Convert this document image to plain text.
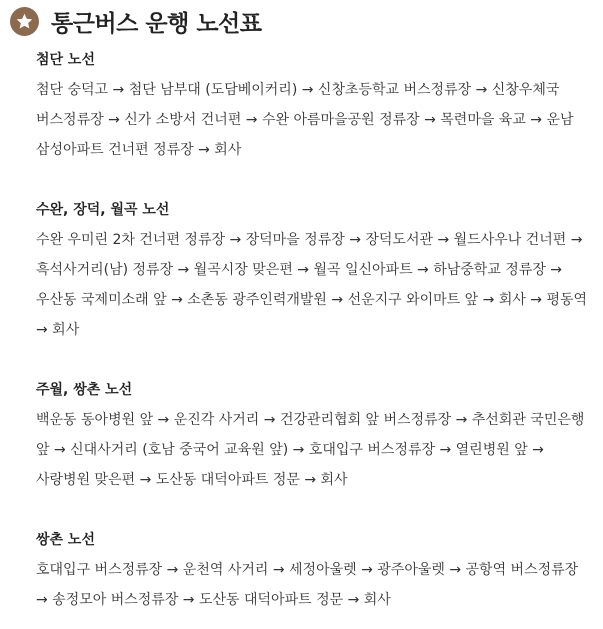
통근버스 운행 노선표
첨단 노선
첨단 숭덕고 → 첨단 남부대 (도담베이커리) → 신창초등학교 버스정류장 → 신창우체국 버스정류장 → 신가 소방서 건너편 → 수완 아름마을공원 정류장 → 목련마을 육교 → 운남 삼성아파트 건너편 정류장 → 회사
수완, 장덕, 월곡 노선
수완 우미린 2차 건너편 정류장 → 장덕마을 정류장 → 장덕도서관 → 월드사우나 건너편 → 흑석사거리(남) 정류장 → 월곡시장 맞은편 → 월곡 일신아파트 → 하남중학교 정류장 → 우산동 국제미소래 앞 → 소촌동 광주인력개발원 → 선운지구 와이마트 앞 → 회사 → 평동역 → 회사
주월, 쌍촌 노선
백운동 동아병원 앞 → 운진각 사거리 → 건강관리협회 앞 버스정류장 → 추선회관 국민은행 앞 → 신대사거리 (호남 중국어 교육원 앞) → 호대입구 버스정류장 → 열린병원 앞 → 사랑병원 맞은편 → 도산동 대덕아파트 정문 → 회사
쌍촌 노선
호대입구 버스정류장 → 운천역 사거리 → 세정아울렛 → 광주아울렛 → 공항역 버스정류장 → 송정모아 버스정류장 → 도산동 대덕아파트 정문 → 회사
